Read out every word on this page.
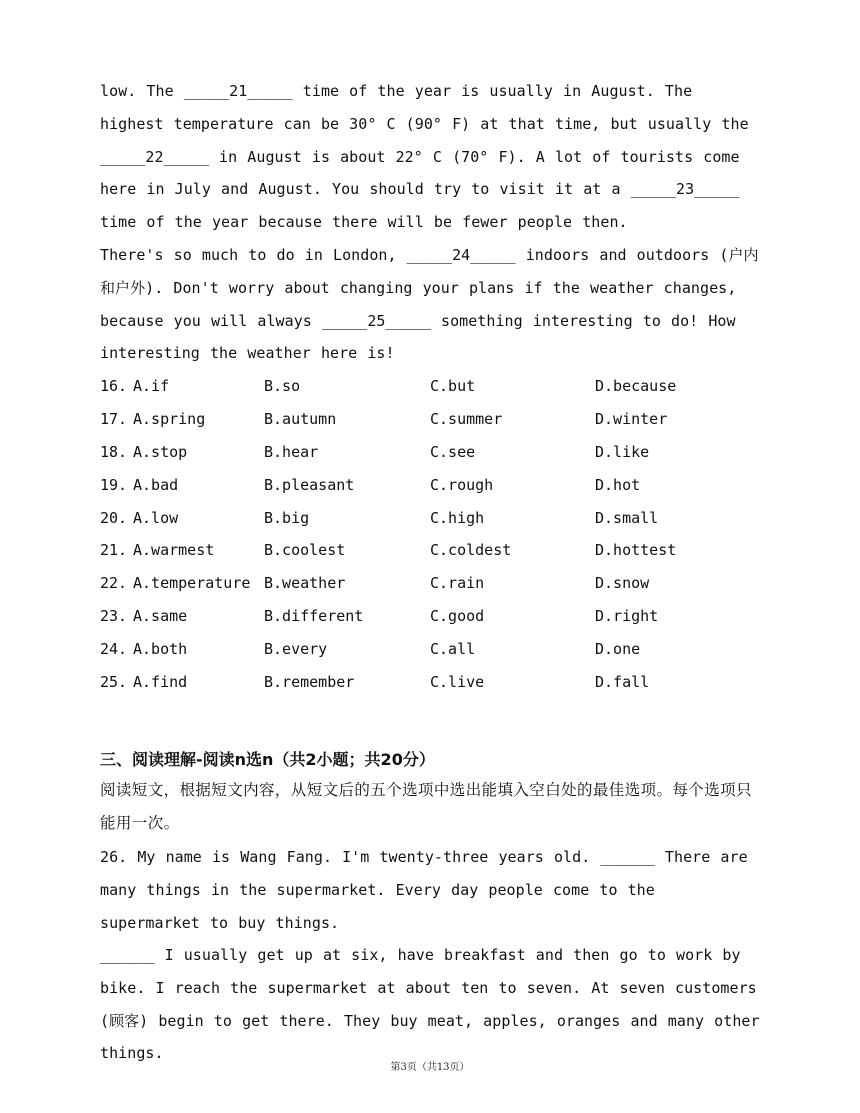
low. The _____21_____ time of the year is usually in August. The highest temperature can be 30° C (90° F) at that time, but usually the _____22_____ in August is about 22° C (70° F). A lot of tourists come here in July and August. You should try to visit it at a _____23_____ time of the year because there will be fewer people then.
There's so much to do in London, _____24_____ indoors and outdoors (户内和户外). Don't worry about changing your plans if the weather changes, because you will always _____25_____ something interesting to do! How interesting the weather here is!
16. A.if	B.so	C.but	D.because
17. A.spring	B.autumn	C.summer	D.winter
18. A.stop	B.hear	C.see	D.like
19. A.bad	B.pleasant	C.rough	D.hot
20. A.low	B.big	C.high	D.small
21. A.warmest	B.coolest	C.coldest	D.hottest
22. A.temperature B.weather	C.rain	D.snow
23. A.same	B.different	C.good	D.right
24. A.both	B.every	C.all	D.one
25. A.find	B.remember	C.live	D.fall
三、阅读理解-阅读n选n（共2小题；共20分）
阅读短文，根据短文内容，从短文后的五个选项中选出能填入空白处的最佳选项。每个选项只能用一次。
26. My name is Wang Fang. I'm twenty-three years old. ______ There are many things in the supermarket. Every day people come to the supermarket to buy things.
______ I usually get up at six, have breakfast and then go to work by bike. I reach the supermarket at about ten to seven. At seven customers (顾客) begin to get there. They buy meat, apples, oranges and many other things.
第3页（共13页）
